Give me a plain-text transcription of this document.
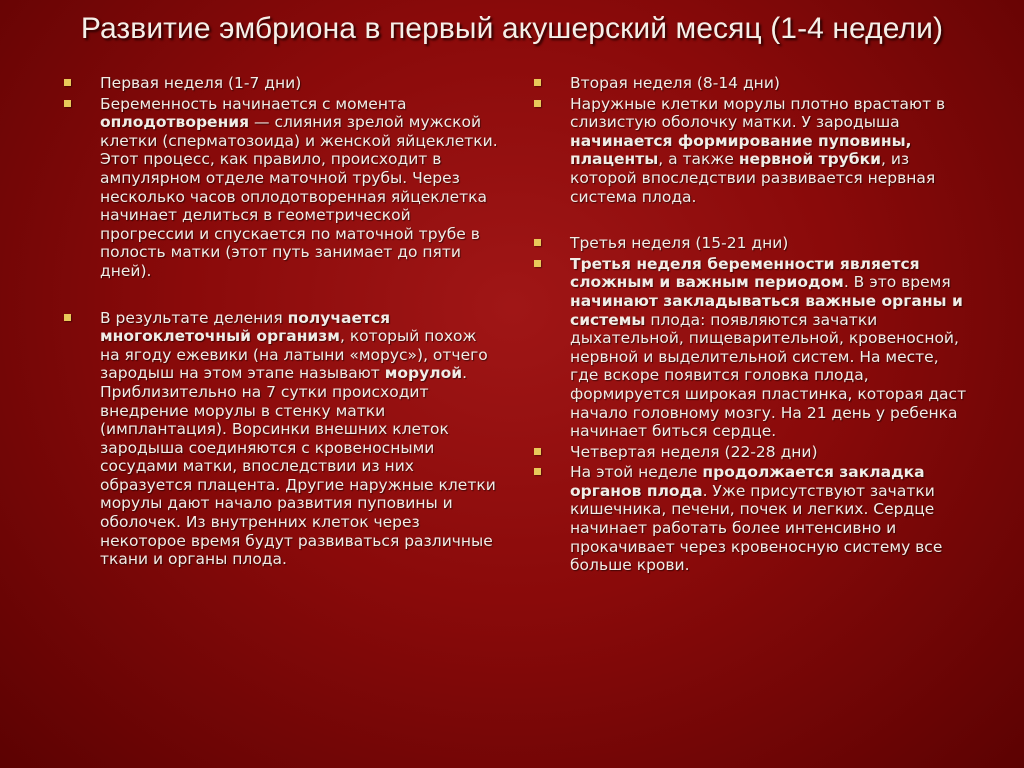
Развитие эмбриона в первый акушерский месяц (1-4 недели)
Первая неделя (1-7 дни)
Беременность начинается с момента оплодотворения — слияния зрелой мужской клетки (сперматозоида) и женской яйцеклетки. Этот процесс, как правило, происходит в ампулярном отделе маточной трубы. Через несколько часов оплодотворенная яйцеклетка начинает делиться в геометрической прогрессии и спускается по маточной трубе в полость матки (этот путь занимает до пяти дней).
В результате деления получается многоклеточный организм, который похож на ягоду ежевики (на латыни «морус»), отчего зародыш на этом этапе называют морулой. Приблизительно на 7 сутки происходит внедрение морулы в стенку матки (имплантация). Ворсинки внешних клеток зародыша соединяются с кровеносными сосудами матки, впоследствии из них образуется плацента. Другие наружные клетки морулы дают начало развития пуповины и оболочек. Из внутренних клеток через некоторое время будут развиваться различные ткани и органы плода.
Вторая неделя (8-14 дни)
Наружные клетки морулы плотно врастают в слизистую оболочку матки. У зародыша начинается формирование пуповины, плаценты, а также нервной трубки, из которой впоследствии развивается нервная система плода.
Третья неделя (15-21 дни)
Третья неделя беременности является сложным и важным периодом. В это время начинают закладываться важные органы и системы плода: появляются зачатки дыхательной, пищеварительной, кровеносной, нервной и выделительной систем. На месте, где вскоре появится головка плода, формируется широкая пластинка, которая даст начало головному мозгу. На 21 день у ребенка начинает биться сердце.
Четвертая неделя (22-28 дни)
На этой неделе продолжается закладка органов плода. Уже присутствуют зачатки кишечника, печени, почек и легких. Сердце начинает работать более интенсивно и прокачивает через кровеносную систему все больше крови.
